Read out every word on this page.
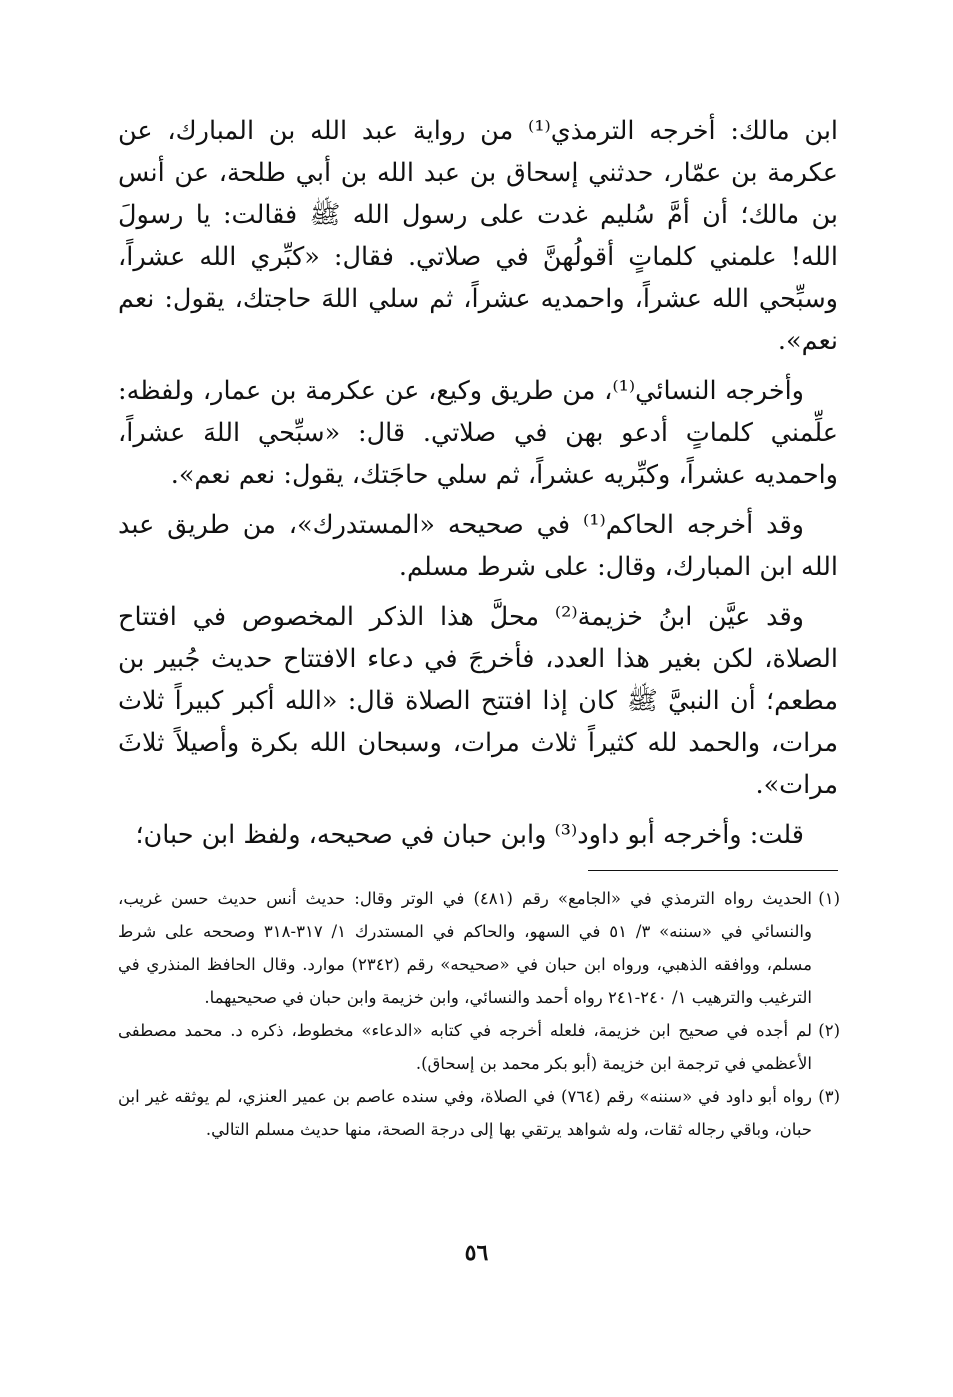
ابن مالك: أخرجه الترمذي⁽¹⁾ من رواية عبد الله بن المبارك، عن عكرمة بن عمّار، حدثني إسحاق بن عبد الله بن أبي طلحة، عن أنس بن مالك؛ أن أمَّ سُليم غدت على رسول الله ﷺ فقالت: يا رسولَ الله! علمني كلماتٍ أقولُهنَّ في صلاتي. فقال: «كبِّري الله عشراً، وسبِّحي الله عشراً، واحمديه عشراً، ثم سلي اللهَ حاجتك، يقول: نعم نعم».

وأخرجه النسائي⁽¹⁾، من طريق وكيع، عن عكرمة بن عمار، ولفظه: علِّمني كلماتٍ أدعو بهن في صلاتي. قال: «سبِّحي اللهَ عشراً، واحمديه عشراً، وكبِّريه عشراً، ثم سلي حاجَتك، يقول: نعم نعم».

وقد أخرجه الحاكم⁽¹⁾ في صحيحه «المستدرك»، من طريق عبد الله ابن المبارك، وقال: على شرط مسلم.

وقد عيَّن ابنُ خزيمة⁽²⁾ محلَّ هذا الذكر المخصوص في افتتاح الصلاة، لكن بغير هذا العدد، فأخرجَ في دعاء الافتتاح حديث جُبير بن مطعم؛ أن النبيَّ ﷺ كان إذا افتتح الصلاة قال: «الله أكبر كبيراً ثلاث مرات، والحمد لله كثيراً ثلاث مرات، وسبحان الله بكرة وأصيلاً ثلاثَ مرات».

قلت: وأخرجه أبو داود⁽³⁾ وابن حبان في صحيحه، ولفظ ابن حبان؛

(١)
الحديث رواه الترمذي في «الجامع» رقم (٤٨١) في الوتر وقال: حديث أنس حديث حسن غريب، والنسائي في «سننه» ٣/ ٥١ في السهو، والحاكم في المستدرك ١/ ٣١٧-٣١٨ وصححه على شرط مسلم، ووافقه الذهبي، ورواه ابن حبان في «صحيحه» رقم (٢٣٤٢) موارد. وقال الحافظ المنذري في الترغيب والترهيب ١/ ٢٤٠-٢٤١ رواه أحمد والنسائي، وابن خزيمة وابن حبان في صحيحيهما.

(٢)
لم أجده في صحيح ابن خزيمة، فلعله أخرجه في كتابه «الدعاء» مخطوط، ذكره د. محمد مصطفى الأعظمي في ترجمة ابن خزيمة (أبو بكر محمد بن إسحاق).

(٣)
رواه أبو داود في «سننه» رقم (٧٦٤) في الصلاة، وفي سنده عاصم بن عمير العنزي، لم يوثقه غير ابن حبان، وباقي رجاله ثقات، وله شواهد يرتقي بها إلى درجة الصحة، منها حديث مسلم التالي.

٥٦
